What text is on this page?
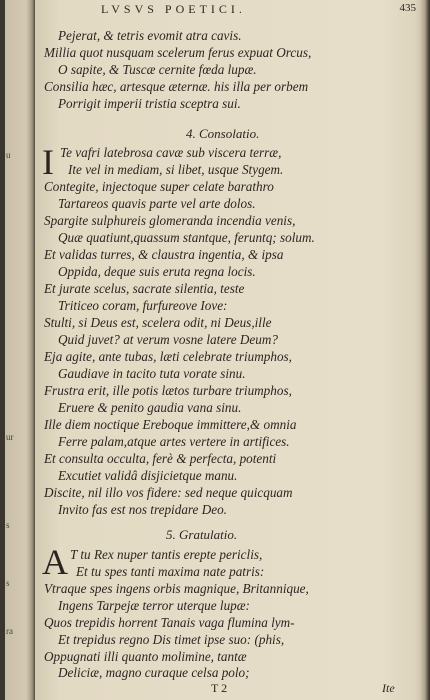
u
ur
s
s
ra
LVSVS POETICI.	435
Pejerat, & tetris evomit atra cavis.
Millia quot nusquam scelerum ferus expuat Orcus,
O sapite, & Tuscæ cernite fœda lupæ.
Consilia hæc, artesque æternæ. his illa per orbem
Porrigit imperii tristia sceptra sui.
4. Consolatio.
I Te vafri latebrosa cavæ sub viscera terræ,
Ite vel in mediam, si libet, usque Stygem.
Contegite, injectoque super celate barathro
Tartareos quavis parte vel arte dolos.
Spargite sulphureis glomeranda incendia venis,
Quæ quatiunt,quassum stantque, feruntq; solum.
Et validas turres, & claustra ingentia, & ipsa
Oppida, deque suis eruta regna locis.
Et jurate scelus, sacrate silentia, teste
Triticeo coram, furfureove Iove:
Stulti, si Deus est, scelera odit, ni Deus,ille
Quid juvet? at verum vosne latere Deum?
Eja agite, ante tubas, læti celebrate triumphos,
Gaudiave in tacito tuta vorate sinu.
Frustra erit, ille potis lætos turbare triumphos,
Eruere & penito gaudia vana sinu.
Ille diem noctique Ereboque immittere,& omnia
Ferre palam,atque artes vertere in artifices.
Et consulta occulta, ferè & perfecta, potenti
Excutiet validâ disjicietque manu.
Discite, nil illo vos fidere: sed neque quicquam
Invito fas est nos trepidare Deo.
5. Gratulatio.
A T tu Rex nuper tantis erepte periclis,
Et tu spes tanti maxima nate patris:
Vtraque spes ingens orbis magnique, Britannique,
Ingens Tarpejæ terror uterque lupæ:
Quos trepidis horrent Tanais vaga flumina lym-
Et trepidus regno Dis timet ipse suo: (phis,
Oppugnati illi quanto molimine, tantæ
Deliciæ, magno curaque celsa polo;
T 2	Ite
